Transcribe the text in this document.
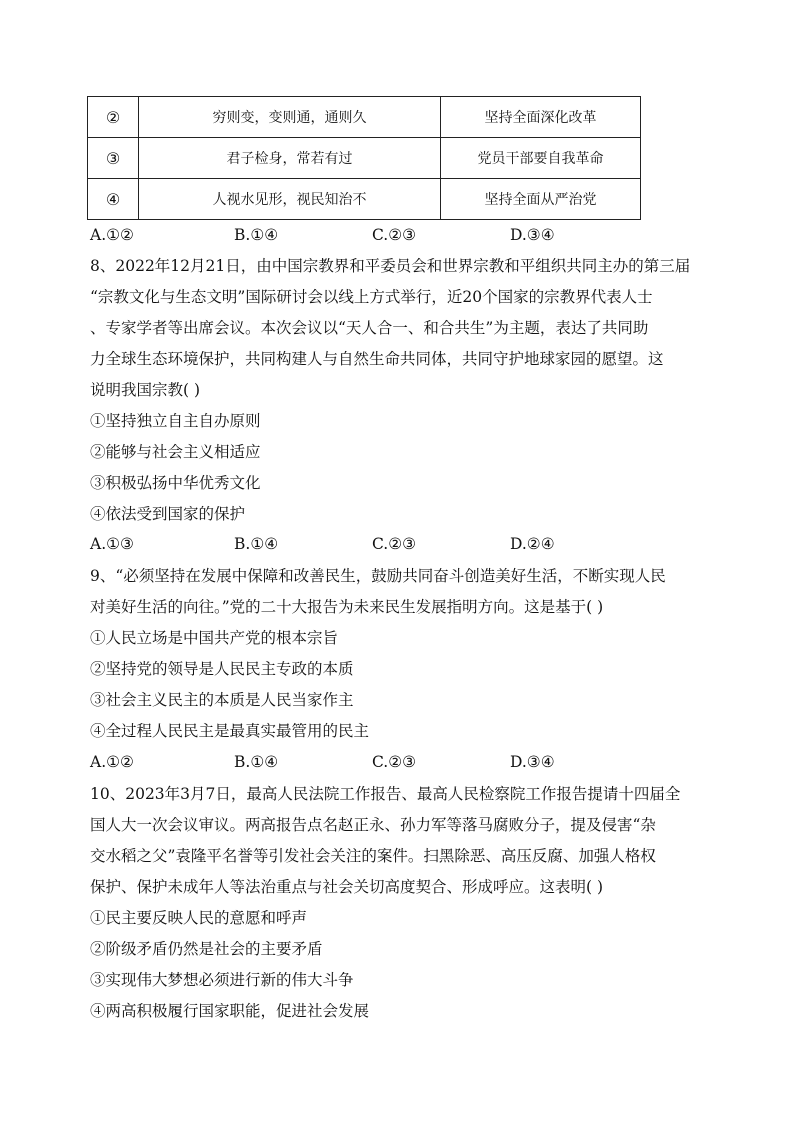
②	穷则变，变则通，通则久	坚持全面深化改革
③	君子检身，常若有过	党员干部要自我革命
④	人视水见形，视民知治不	坚持全面从严治党
A.①②	B.①④	C.②③	D.③④
8、2022年12月21日，由中国宗教界和平委员会和世界宗教和平组织共同主办的第三届
“宗教文化与生态文明”国际研讨会以线上方式举行，近20个国家的宗教界代表人士
、专家学者等出席会议。本次会议以“天人合一、和合共生”为主题，表达了共同助
力全球生态环境保护，共同构建人与自然生命共同体，共同守护地球家园的愿望。这
说明我国宗教( )
①坚持独立自主自办原则
②能够与社会主义相适应
③积极弘扬中华优秀文化
④依法受到国家的保护
A.①③	B.①④	C.②③	D.②④
9、“必须坚持在发展中保障和改善民生，鼓励共同奋斗创造美好生活，不断实现人民
对美好生活的向往。”党的二十大报告为未来民生发展指明方向。这是基于( )
①人民立场是中国共产党的根本宗旨
②坚持党的领导是人民民主专政的本质
③社会主义民主的本质是人民当家作主
④全过程人民民主是最真实最管用的民主
A.①②	B.①④	C.②③	D.③④
10、2023年3月7日，最高人民法院工作报告、最高人民检察院工作报告提请十四届全
国人大一次会议审议。两高报告点名赵正永、孙力军等落马腐败分子，提及侵害“杂
交水稻之父”袁隆平名誉等引发社会关注的案件。扫黑除恶、高压反腐、加强人格权
保护、保护未成年人等法治重点与社会关切高度契合、形成呼应。这表明( )
①民主要反映人民的意愿和呼声
②阶级矛盾仍然是社会的主要矛盾
③实现伟大梦想必须进行新的伟大斗争
④两高积极履行国家职能，促进社会发展
